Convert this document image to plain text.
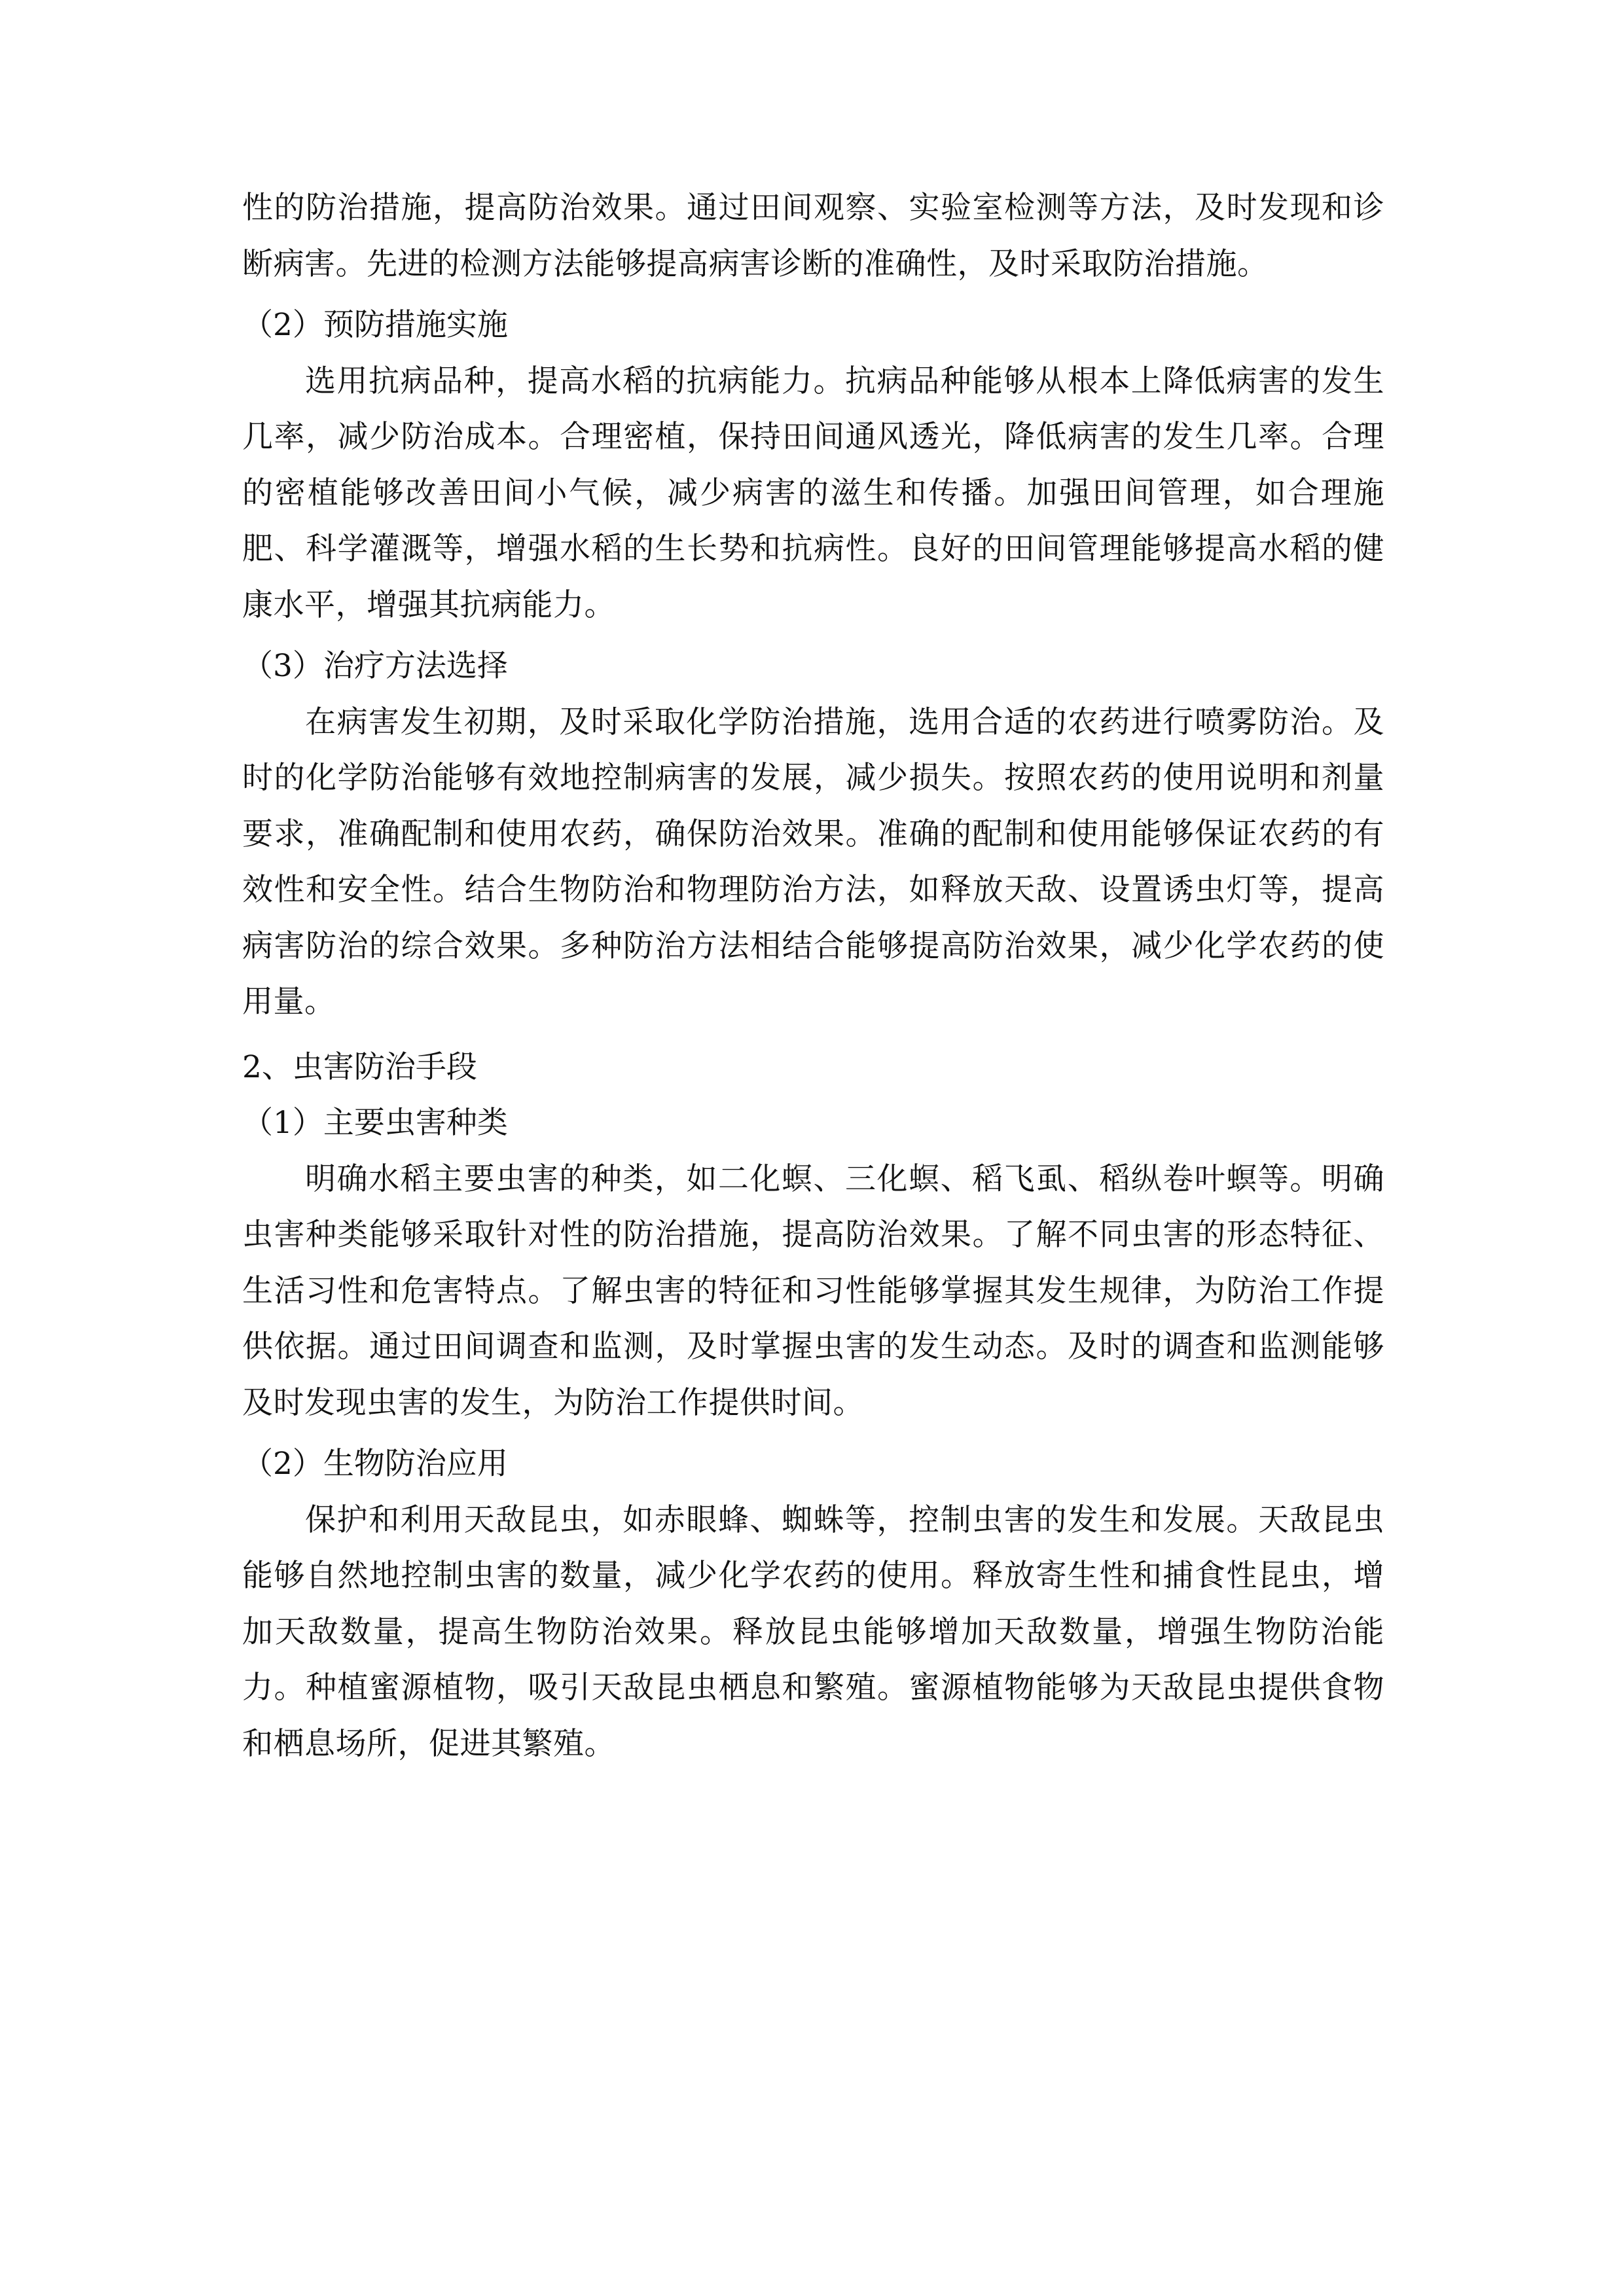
性的防治措施，提高防治效果。通过田间观察、实验室检测等方法，及时发现和诊断病害。先进的检测方法能够提高病害诊断的准确性，及时采取防治措施。

（2）预防措施实施

选用抗病品种，提高水稻的抗病能力。抗病品种能够从根本上降低病害的发生几率，减少防治成本。合理密植，保持田间通风透光，降低病害的发生几率。合理的密植能够改善田间小气候，减少病害的滋生和传播。加强田间管理，如合理施肥、科学灌溉等，增强水稻的生长势和抗病性。良好的田间管理能够提高水稻的健康水平，增强其抗病能力。

（3）治疗方法选择

在病害发生初期，及时采取化学防治措施，选用合适的农药进行喷雾防治。及时的化学防治能够有效地控制病害的发展，减少损失。按照农药的使用说明和剂量要求，准确配制和使用农药，确保防治效果。准确的配制和使用能够保证农药的有效性和安全性。结合生物防治和物理防治方法，如释放天敌、设置诱虫灯等，提高病害防治的综合效果。多种防治方法相结合能够提高防治效果，减少化学农药的使用量。

2、虫害防治手段

（1）主要虫害种类

明确水稻主要虫害的种类，如二化螟、三化螟、稻飞虱、稻纵卷叶螟等。明确虫害种类能够采取针对性的防治措施，提高防治效果。了解不同虫害的形态特征、生活习性和危害特点。了解虫害的特征和习性能够掌握其发生规律，为防治工作提供依据。通过田间调查和监测，及时掌握虫害的发生动态。及时的调查和监测能够及时发现虫害的发生，为防治工作提供时间。

（2）生物防治应用

保护和利用天敌昆虫，如赤眼蜂、蜘蛛等，控制虫害的发生和发展。天敌昆虫能够自然地控制虫害的数量，减少化学农药的使用。释放寄生性和捕食性昆虫，增加天敌数量，提高生物防治效果。释放昆虫能够增加天敌数量，增强生物防治能力。种植蜜源植物，吸引天敌昆虫栖息和繁殖。蜜源植物能够为天敌昆虫提供食物和栖息场所，促进其繁殖。
